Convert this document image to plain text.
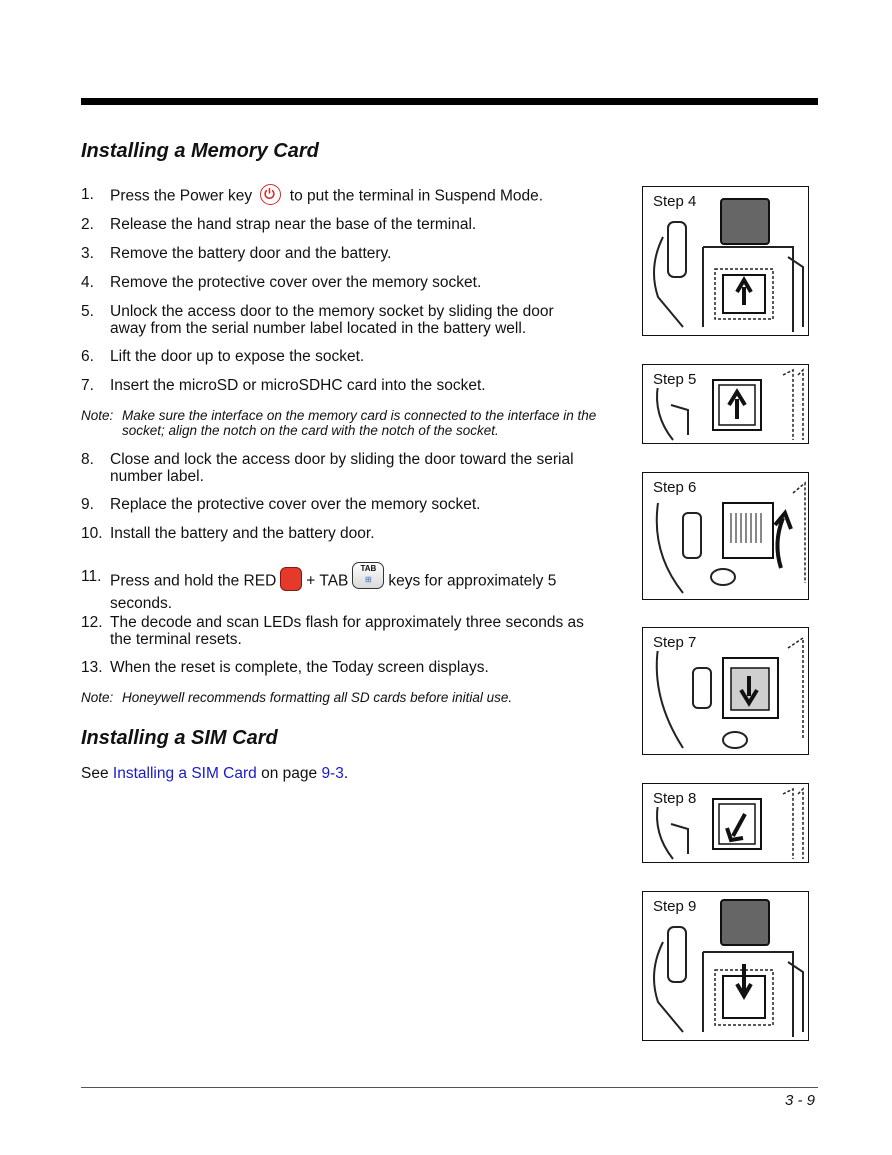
Installing a Memory Card
1.	Press the Power key to put the terminal in Suspend Mode.
2.	Release the hand strap near the base of the terminal.
3.	Remove the battery door and the battery.
4.	Remove the protective cover over the memory socket.
5.	Unlock the access door to the memory socket by sliding the door away from the serial number label located in the battery well.
6.	Lift the door up to expose the socket.
7.	Insert the microSD or microSDHC card into the socket.
Note: Make sure the interface on the memory card is connected to the interface in the socket; align the notch on the card with the notch of the socket.
8.	Close and lock the access door by sliding the door toward the serial number label.
9.	Replace the protective cover over the memory socket.
10. Install the battery and the battery door.
11. Press and hold the RED + TABTAB
⊞ keys for approximately 5 seconds.
12. The decode and scan LEDs flash for approximately three seconds as the terminal resets.
13. When the reset is complete, the Today screen displays.
Note: Honeywell recommends formatting all SD cards before initial use.
Installing a SIM Card
See Installing a SIM Card on page 9-3.
Step 4
Step 5
Step 6
Step 7
Step 8
Step 9
3 - 9
